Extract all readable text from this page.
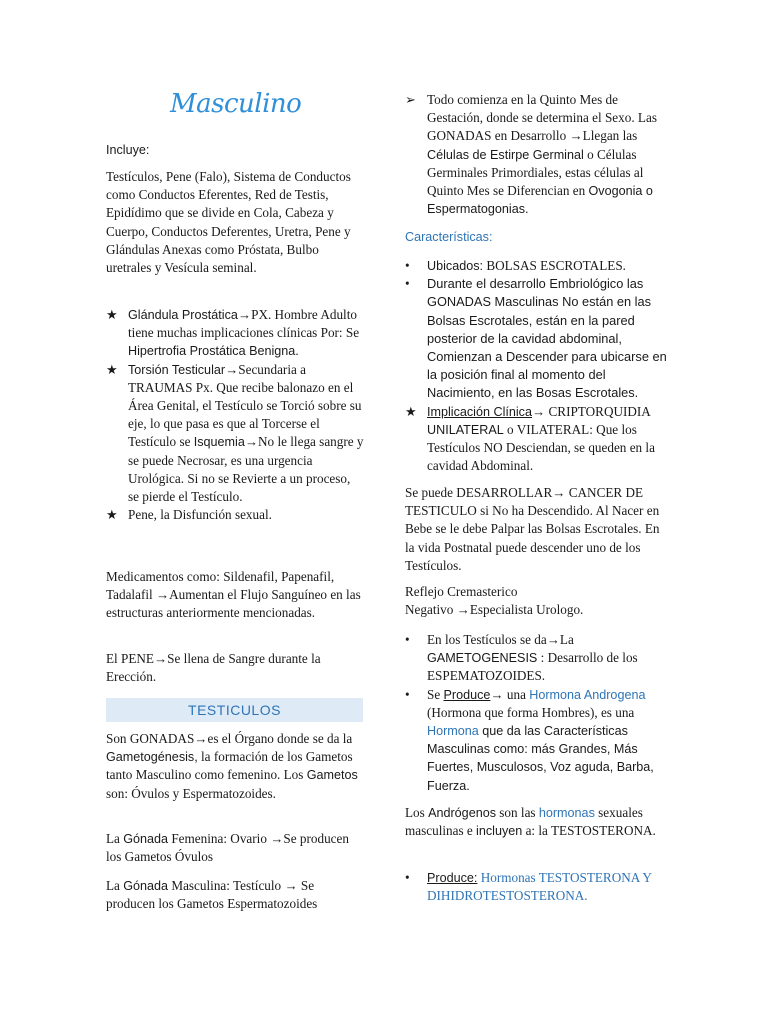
Masculino

Incluye:

Testículos, Pene (Falo), Sistema de Conductos como Conductos Eferentes, Red de Testis, Epidídimo que se divide en Cola, Cabeza y Cuerpo, Conductos Deferentes, Uretra, Pene y Glándulas Anexas como Próstata, Bulbo uretrales y Vesícula seminal.

★ Glándula Prostática→PX. Hombre Adulto tiene muchas implicaciones clínicas Por: Se Hipertrofia Prostática Benigna.
★ Torsión Testicular→Secundaria a TRAUMAS Px. Que recibe balonazo en el Área Genital, el Testículo se Torció sobre su eje, lo que pasa es que al Torcerse el Testículo se Isquemia→No le llega sangre y se puede Necrosar, es una urgencia Urológica. Si no se Revierte a un proceso, se pierde el Testículo.
★ Pene, la Disfunción sexual.

Medicamentos como: Sildenafil, Papenafil, Tadalafil →Aumentan el Flujo Sanguíneo en las estructuras anteriormente mencionadas.

El PENE→Se llena de Sangre durante la Erección.

TESTICULOS

Son GONADAS→es el Órgano donde se da la Gametogénesis, la formación de los Gametos tanto Masculino como femenino. Los Gametos son: Óvulos y Espermatozoides.

La Gónada Femenina: Ovario →Se producen los Gametos Óvulos

La Gónada Masculina: Testículo → Se producen los Gametos Espermatozoides

➢ Todo comienza en la Quinto Mes de Gestación, donde se determina el Sexo. Las GONADAS en Desarrollo →Llegan las Células de Estirpe Germinal o Células Germinales Primordiales, estas células al Quinto Mes se Diferencian en Ovogonia o Espermatogonias.

Características:

•	Ubicados: BOLSAS ESCROTALES.
•	Durante el desarrollo Embriológico las GONADAS Masculinas No están en las Bolsas Escrotales, están en la pared posterior de la cavidad abdominal, Comienzan a Descender para ubicarse en la posición final al momento del Nacimiento, en las Bosas Escrotales.
★ Implicación Clínica→ CRIPTORQUIDIA UNILATERAL o VILATERAL: Que los Testículos NO Desciendan, se queden en la cavidad Abdominal.

Se puede DESARROLLAR→ CANCER DE TESTICULO si No ha Descendido. Al Nacer en Bebe se le debe Palpar las Bolsas Escrotales. En la vida Postnatal puede descender uno de los Testículos.

Reflejo Cremasterico
Negativo →Especialista Urologo.

•	En los Testículos se da→La GAMETOGENESIS : Desarrollo de los ESPEMATOZOIDES.
•	Se Produce→ una Hormona Androgena (Hormona que forma Hombres), es una Hormona que da las Características Masculinas como: más Grandes, Más Fuertes, Musculosos, Voz aguda, Barba, Fuerza.

Los Andrógenos son las hormonas sexuales masculinas e incluyen a: la TESTOSTERONA.

•	Produce: Hormonas TESTOSTERONA Y DIHIDROTESTOSTERONA.
